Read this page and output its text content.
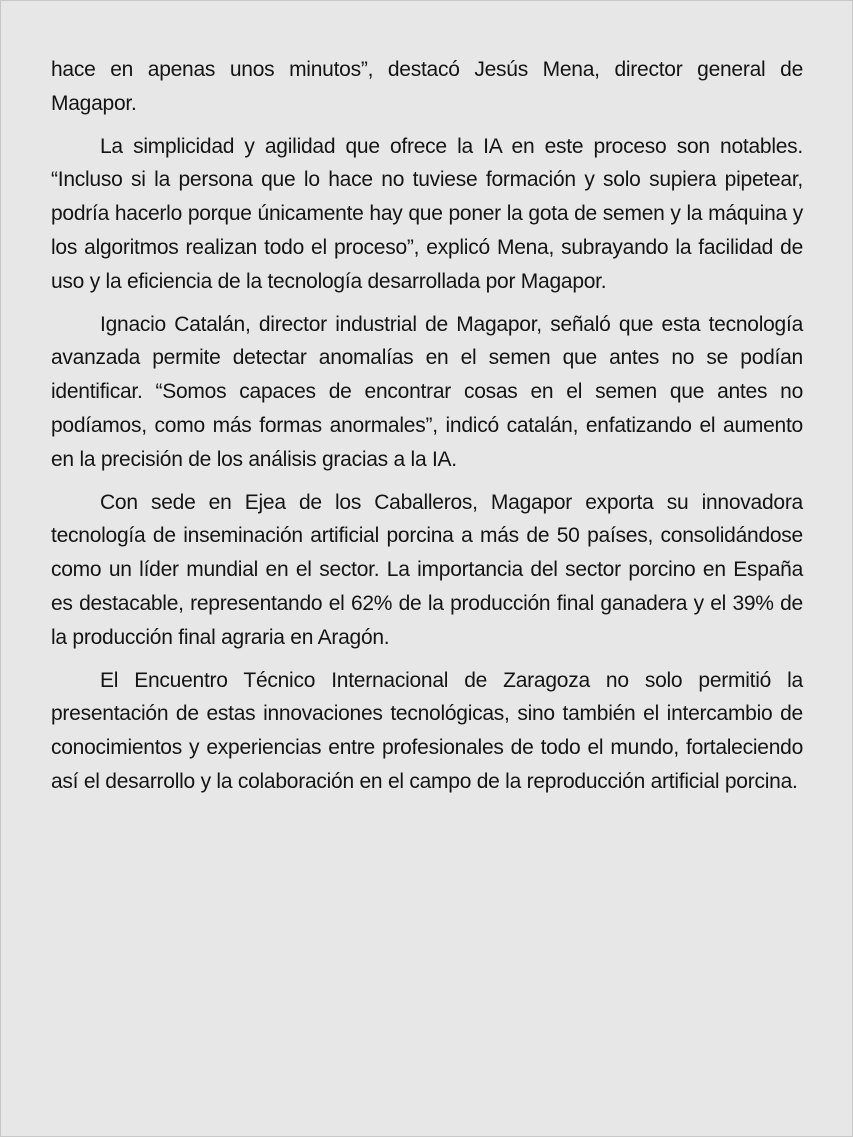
hace en apenas unos minutos”, destacó Jesús Mena, director general de Magapor.

La simplicidad y agilidad que ofrece la IA en este proceso son notables. “Incluso si la persona que lo hace no tuviese formación y solo supiera pipetear, podría hacerlo porque únicamente hay que poner la gota de semen y la máquina y los algoritmos realizan todo el proceso”, explicó Mena, subrayando la facilidad de uso y la eficiencia de la tecnología desarrollada por Magapor.

Ignacio Catalán, director industrial de Magapor, señaló que esta tecnología avanzada permite detectar anomalías en el semen que antes no se podían identificar. “Somos capaces de encontrar cosas en el semen que antes no podíamos, como más formas anormales”, indicó catalán, enfatizando el aumento en la precisión de los análisis gracias a la IA.

Con sede en Ejea de los Caballeros, Magapor exporta su innovadora tecnología de inseminación artificial porcina a más de 50 países, consolidándose como un líder mundial en el sector. La importancia del sector porcino en España es destacable, representando el 62% de la producción final ganadera y el 39% de la producción final agraria en Aragón.

El Encuentro Técnico Internacional de Zaragoza no solo permitió la presentación de estas innovaciones tecnológicas, sino también el intercambio de conocimientos y experiencias entre profesionales de todo el mundo, fortaleciendo así el desarrollo y la colaboración en el campo de la reproducción artificial porcina.
